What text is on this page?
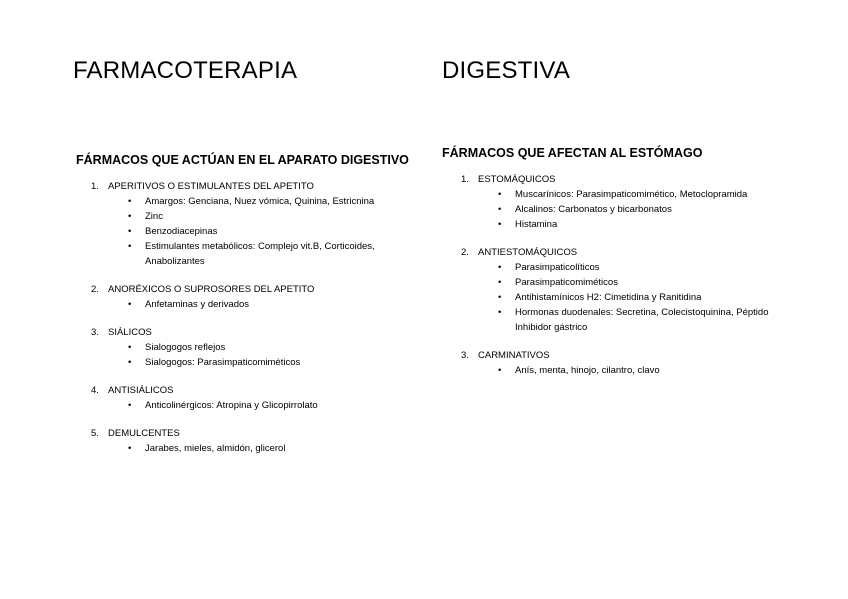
FARMACOTERAPIA	DIGESTIVA
FÁRMACOS QUE ACTÚAN EN EL APARATO DIGESTIVO
1. APERITIVOS O ESTIMULANTES DEL APETITO
• Amargos: Genciana, Nuez vómica, Quinina, Estricnina
• Zinc
• Benzodiacepinas
• Estimulantes metabólicos: Complejo vit.B, Corticoides, Anabolizantes
2. ANORÉXICOS O SUPROSORES DEL APETITO
• Anfetaminas y derivados
3. SIÁLICOS
• Sialogogos reflejos
• Sialogogos: Parasimpaticomiméticos
4. ANTISIÁLICOS
• Anticolinérgicos: Atropina y Glicopirrolato
5. DEMULCENTES
• Jarabes, mieles, almidón, glicerol
FÁRMACOS QUE AFECTAN AL ESTÓMAGO
1. ESTOMÁQUICOS
• Muscarínicos: Parasimpaticomimético, Metoclopramida
• Alcalinos: Carbonatos y bicarbonatos
• Histamina
2. ANTIESTOMÁQUICOS
• Parasimpaticolíticos
• Parasimpaticomiméticos
• Antihistamínicos H2: Cimetidina y Ranitidina
• Hormonas duodenales: Secretina, Colecistoquinina, Péptido Inhibidor gástrico
3. CARMINATIVOS
• Anís, menta, hinojo, cilantro, clavo
